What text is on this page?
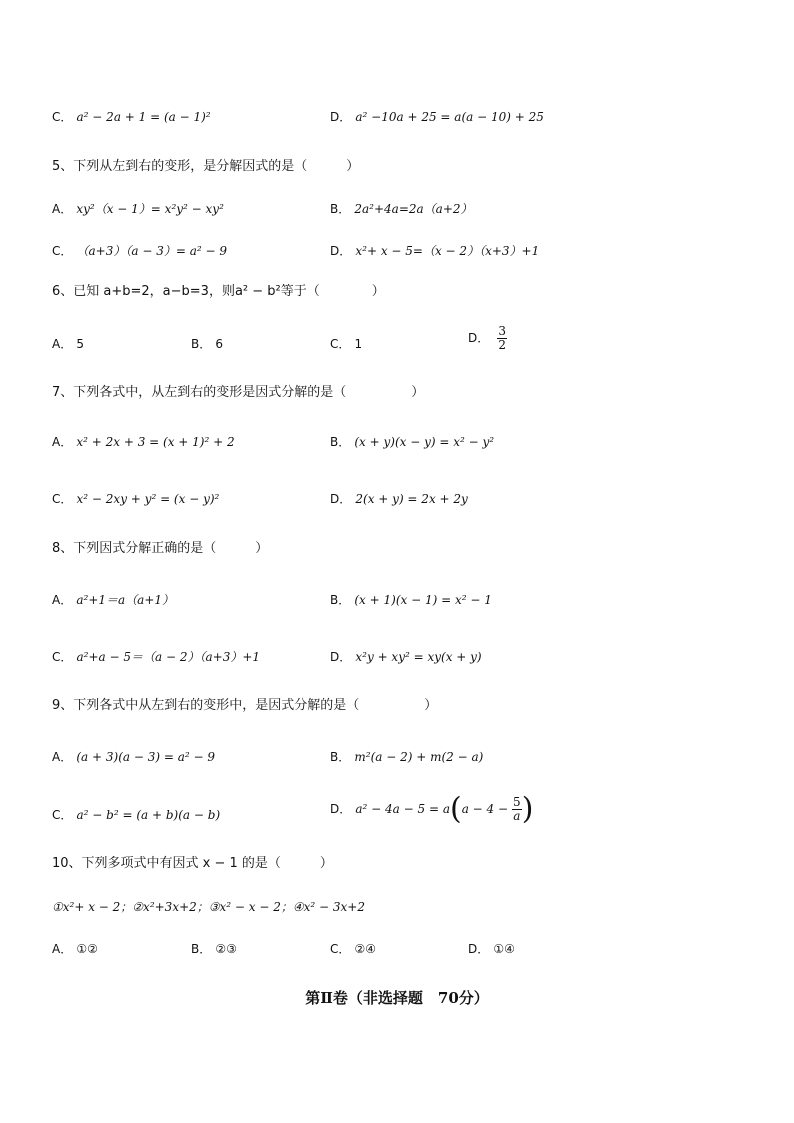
C． a² − 2a + 1 = (a − 1)²	D． a² −10a + 25 = a(a − 10) + 25
5、下列从左到右的变形，是分解因式的是（　　　）
A． xy²（x − 1）= x²y² − xy²	B． 2a²+4a=2a（a+2）
C． （a+3）（a − 3）= a² − 9	D． x²+ x − 5=（x − 2）（x+3）+1
6、已知 a+b=2，a−b=3，则a² − b²等于（　　　　）
A． 5	B． 6	C． 1	D． $\frac{3}{2}$
7、下列各式中，从左到右的变形是因式分解的是（　　　　　）
A． x² + 2x + 3 = (x + 1)² + 2	B． (x + y)(x − y) = x² − y²
C． x² − 2xy + y² = (x − y)²	D． 2(x + y) = 2x + 2y
8、下列因式分解正确的是（　　　）
A． a²+1＝a（a+1）	B． (x + 1)(x − 1) = x² − 1
C． a²+a − 5＝（a − 2）（a+3）+1	D． x²y + xy² = xy(x + y)
9、下列各式中从左到右的变形中，是因式分解的是（　　　　　）
A． (a + 3)(a − 3) = a² − 9	B． m²(a − 2) + m(2 − a)
C． a² − b² = (a + b)(a − b)	D． $a^2 - 4a - 5 = a(a - 4 - \frac{5}{a}$ )
10、下列多项式中有因式 x − 1 的是（　　　）
①x²+ x − 2；②x²+3x+2；③x² − x − 2；④x² − 3x+2
A． ①②	B． ②③	C． ②④	D． ①④
第Ⅱ卷（非选择题　70分）
